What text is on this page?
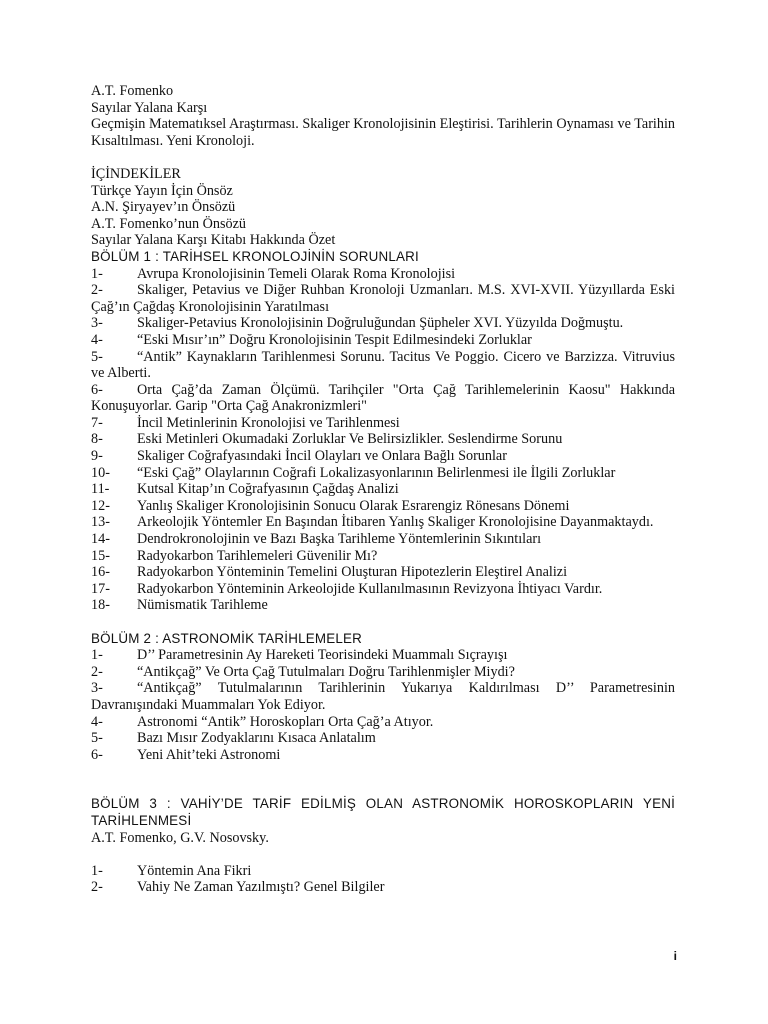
A.T. Fomenko
Sayılar Yalana Karşı
Geçmişin Matematıksel Araştırması. Skaliger Kronolojisinin Eleştirisi. Tarihlerin Oynaması ve Tarihin Kısaltılması. Yeni Kronoloji.
İÇİNDEKİLER
Türkçe Yayın İçin Önsöz
A.N. Şiryayev’ın Önsözü
A.T. Fomenko’nun Önsözü
Sayılar Yalana Karşı Kitabı Hakkında Özet
BÖLÜM 1 : TARİHSEL KRONOLOJİNİN SORUNLARI
1-	Avrupa Kronolojisinin Temeli Olarak Roma Kronolojisi
2- Skaliger, Petavius ve Diğer Ruhban Kronoloji Uzmanları. M.S. XVI-XVII. Yüzyıllarda Eski Çağ’ın Çağdaş Kronolojisinin Yaratılması
3-	Skaliger-Petavius Kronolojisinin Doğruluğundan Şüpheler XVI. Yüzyılda Doğmuştu.
4-	“Eski Mısır’ın” Doğru Kronolojisinin Tespit Edilmesindeki Zorluklar
5- “Antik” Kaynakların Tarihlenmesi Sorunu. Tacitus Ve Poggio. Cicero ve Barzizza. Vitruvius ve Alberti.
6- Orta Çağ’da Zaman Ölçümü. Tarihçiler "Orta Çağ Tarihlemelerinin Kaosu" Hakkında Konuşuyorlar. Garip "Orta Çağ Anakronizmleri"
7-	İncil Metinlerinin Kronolojisi ve Tarihlenmesi
8-	Eski Metinleri Okumadaki Zorluklar Ve Belirsizlikler. Seslendirme Sorunu
9-	Skaliger Coğrafyasındaki İncil Olayları ve Onlara Bağlı Sorunlar
10- “Eski Çağ” Olaylarının Coğrafi Lokalizasyonlarının Belirlenmesi ile İlgili Zorluklar
11-	Kutsal Kitap’ın Coğrafyasının Çağdaş Analizi
12-	Yanlış Skaliger Kronolojisinin Sonucu Olarak Esrarengiz Rönesans Dönemi
13- Arkeolojik Yöntemler En Başından İtibaren Yanlış Skaliger Kronolojisine Dayanmaktaydı.
14-	Dendrokronolojinin ve Bazı Başka Tarihleme Yöntemlerinin Sıkıntıları
15-	Radyokarbon Tarihlemeleri Güvenilir Mı?
16-	Radyokarbon Yönteminin Temelini Oluşturan Hipotezlerin Eleştirel Analizi
17-	Radyokarbon Yönteminin Arkeolojide Kullanılmasının Revizyona İhtiyacı Vardır.
18-	Nümismatik Tarihleme
BÖLÜM 2 : ASTRONOMİK TARİHLEMELER
1-	D’’ Parametresinin Ay Hareketi Teorisindeki Muammalı Sıçrayışı
2-	“Antikçağ” Ve Orta Çağ Tutulmaları Doğru Tarihlenmişler Miydi?
3- “Antikçağ” Tutulmalarının Tarihlerinin Yukarıya Kaldırılması D’’ Parametresinin Davranışındaki Muammaları Yok Ediyor.
4-	Astronomi “Antik” Horoskopları Orta Çağ’a Atıyor.
5-	Bazı Mısır Zodyaklarını Kısaca Anlatalım
6-	Yeni Ahit’teki Astronomi
BÖLÜM 3 : VAHİY’DE TARİF EDİLMİŞ OLAN ASTRONOMİK HOROSKOPLARIN YENİ TARİHLENMESİ
A.T. Fomenko, G.V. Nosovsky.
1-	Yöntemin Ana Fikri
2-	Vahiy Ne Zaman Yazılmıştı? Genel Bilgiler
i
